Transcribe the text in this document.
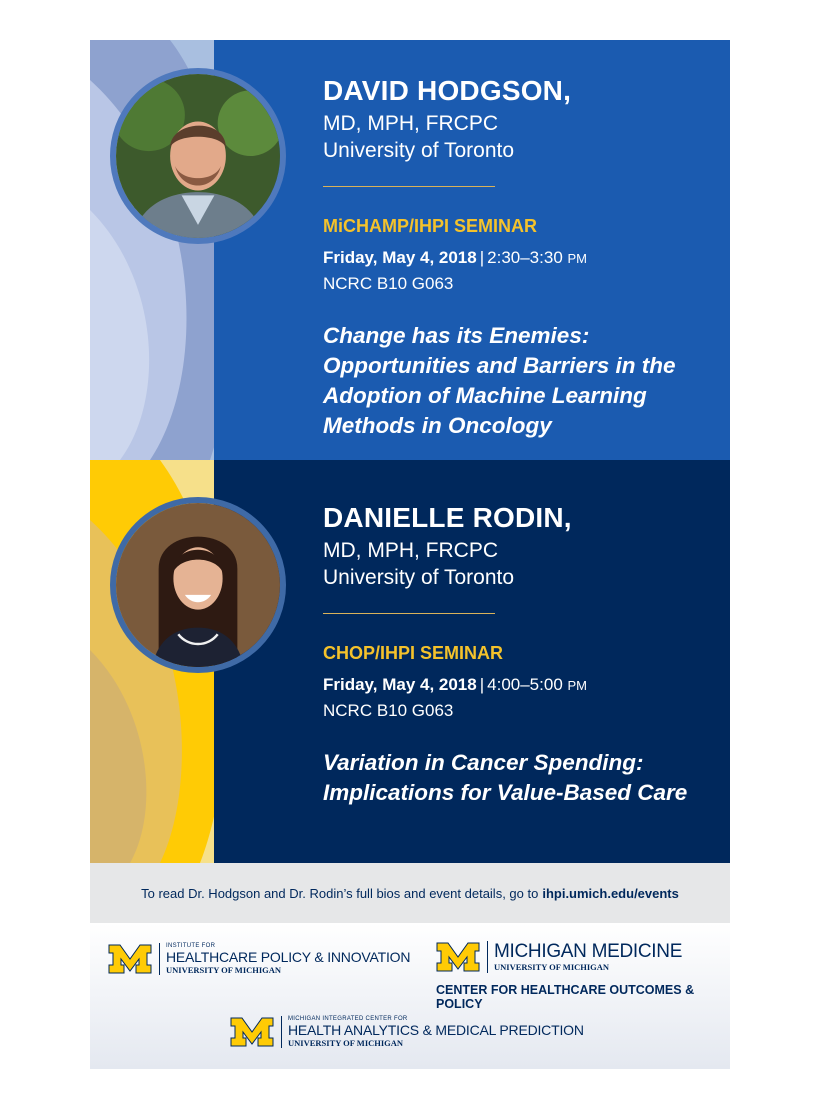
DAVID HODGSON,
MD, MPH, FRCPC
University of Toronto
MiCHAMP/IHPI SEMINAR
Friday, May 4, 2018 | 2:30–3:30 PM
NCRC B10 G063
Change has its Enemies: Opportunities and Barriers in the Adoption of Machine Learning Methods in Oncology
DANIELLE RODIN,
MD, MPH, FRCPC
University of Toronto
CHOP/IHPI SEMINAR
Friday, May 4, 2018 | 4:00–5:00 PM
NCRC B10 G063
Variation in Cancer Spending: Implications for Value-Based Care
To read Dr. Hodgson and Dr. Rodin’s full bios and event details, go to ihpi.umich.edu/events
INSTITUTE FOR
HEALTHCARE POLICY & INNOVATION
UNIVERSITY OF MICHIGAN
MICHIGAN MEDICINE
UNIVERSITY OF MICHIGAN
CENTER FOR HEALTHCARE OUTCOMES & POLICY
MICHIGAN INTEGRATED CENTER FOR
HEALTH ANALYTICS & MEDICAL PREDICTION
UNIVERSITY OF MICHIGAN
